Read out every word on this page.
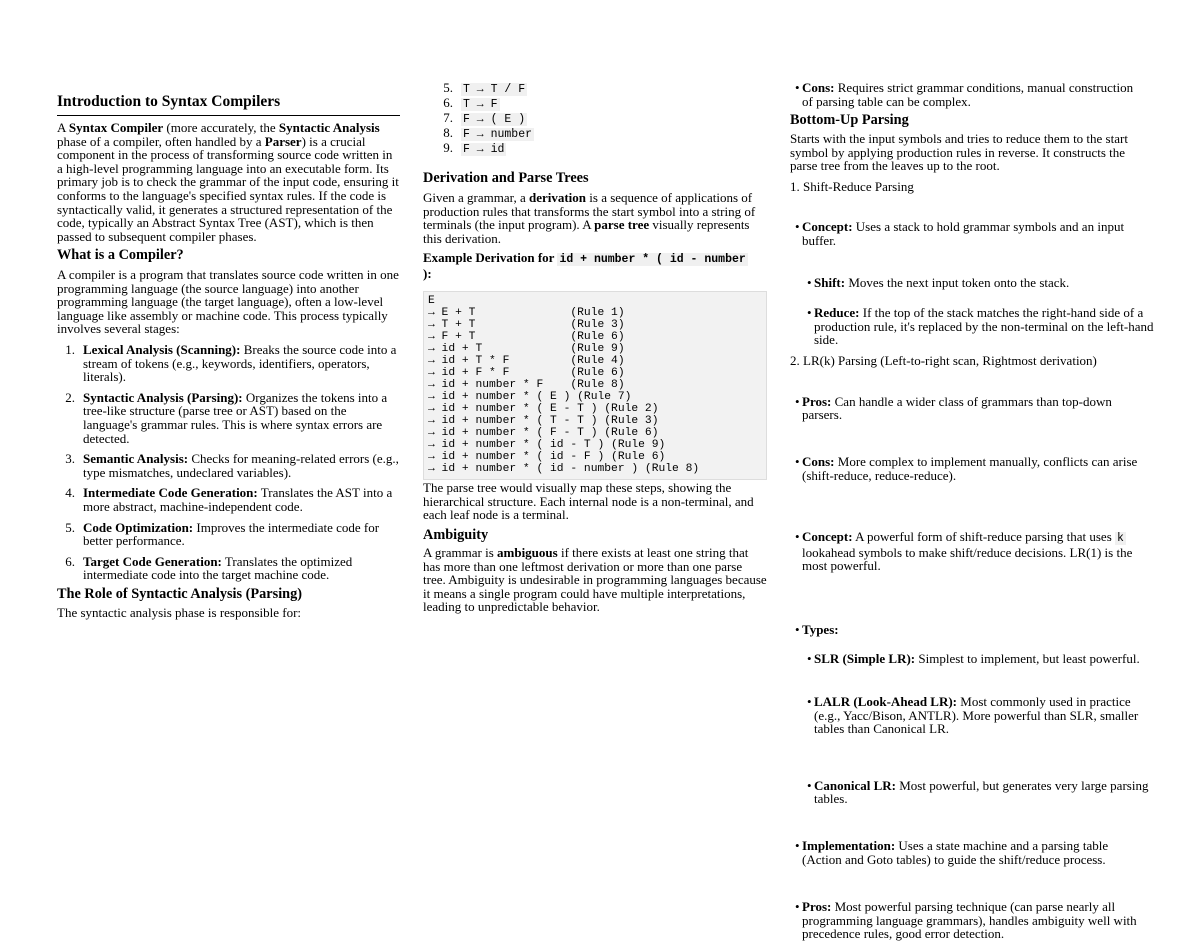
Introduction to Syntax Compilers

A Syntax Compiler (more accurately, the Syntactic Analysis phase of a compiler, often handled by a Parser) is a crucial component in the process of transforming source code written in a high-level programming language into an executable form. Its primary job is to check the grammar of the input code, ensuring it conforms to the language's specified syntax rules. If the code is syntactically valid, it generates a structured representation of the code, typically an Abstract Syntax Tree (AST), which is then passed to subsequent compiler phases.

What is a Compiler?

A compiler is a program that translates source code written in one programming language (the source language) into another programming language (the target language), often a low-level language like assembly or machine code. This process typically involves several stages:

1. Lexical Analysis (Scanning): Breaks the source code into a stream of tokens (e.g., keywords, identifiers, operators, literals).
2. Syntactic Analysis (Parsing): Organizes the tokens into a tree-like structure (parse tree or AST) based on the language's grammar rules. This is where syntax errors are detected.
3. Semantic Analysis: Checks for meaning-related errors (e.g., type mismatches, undeclared variables).
4. Intermediate Code Generation: Translates the AST into a more abstract, machine-independent code.
5. Code Optimization: Improves the intermediate code for better performance.
6. Target Code Generation: Translates the optimized intermediate code into the target machine code.
The Role of Syntactic Analysis (Parsing)

The syntactic analysis phase is responsible for:

5. T → T / F
6. T → F
7. F → ( E )
8. F → number
9. F → id
Derivation and Parse Trees

Given a grammar, a derivation is a sequence of applications of production rules that transforms the start symbol into a string of terminals (the input program). A parse tree visually represents this derivation.

Example Derivation for id + number * ( id - number
):

E
→ E + T              (Rule 1)
→ T + T              (Rule 3)
→ F + T              (Rule 6)
→ id + T             (Rule 9)
→ id + T * F         (Rule 4)
→ id + F * F         (Rule 6)
→ id + number * F    (Rule 8)
→ id + number * ( E ) (Rule 7)
→ id + number * ( E - T ) (Rule 2)
→ id + number * ( T - T ) (Rule 3)
→ id + number * ( F - T ) (Rule 6)
→ id + number * ( id - T ) (Rule 9)
→ id + number * ( id - F ) (Rule 6)
→ id + number * ( id - number ) (Rule 8)

The parse tree would visually map these steps, showing the hierarchical structure. Each internal node is a non-terminal, and each leaf node is a terminal.

Ambiguity

A grammar is ambiguous if there exists at least one string that has more than one leftmost derivation or more than one parse tree. Ambiguity is undesirable in programming languages because it means a single program could have multiple interpretations, leading to unpredictable behavior.

• Cons: Requires strict grammar conditions, manual construction of parsing table can be complex.
Bottom-Up Parsing

Starts with the input symbols and tries to reduce them to the start symbol by applying production rules in reverse. It constructs the parse tree from the leaves up to the root.

1. Shift-Reduce Parsing
• Concept: Uses a stack to hold grammar symbols and an input buffer.
• Shift: Moves the next input token onto the stack.
• Reduce: If the top of the stack matches the right-hand side of a production rule, it's replaced by the non-terminal on the left-hand side.
• Pros: Can handle a wider class of grammars than top-down parsers.
• Cons: More complex to implement manually, conflicts can arise (shift-reduce, reduce-reduce).
2. LR(k) Parsing (Left-to-right scan, Rightmost derivation)
• Concept: A powerful form of shift-reduce parsing that uses k lookahead symbols to make shift/reduce decisions. LR(1) is the most powerful.
• Types:
• SLR (Simple LR): Simplest to implement, but least powerful.
• LALR (Look-Ahead LR): Most commonly used in practice (e.g., Yacc/Bison, ANTLR). More powerful than SLR, smaller tables than Canonical LR.
• Canonical LR: Most powerful, but generates very large parsing tables.
• Implementation: Uses a state machine and a parsing table (Action and Goto tables) to guide the shift/reduce process.
• Pros: Most powerful parsing technique (can parse nearly all programming language grammars), handles ambiguity well with precedence rules, good error detection.
